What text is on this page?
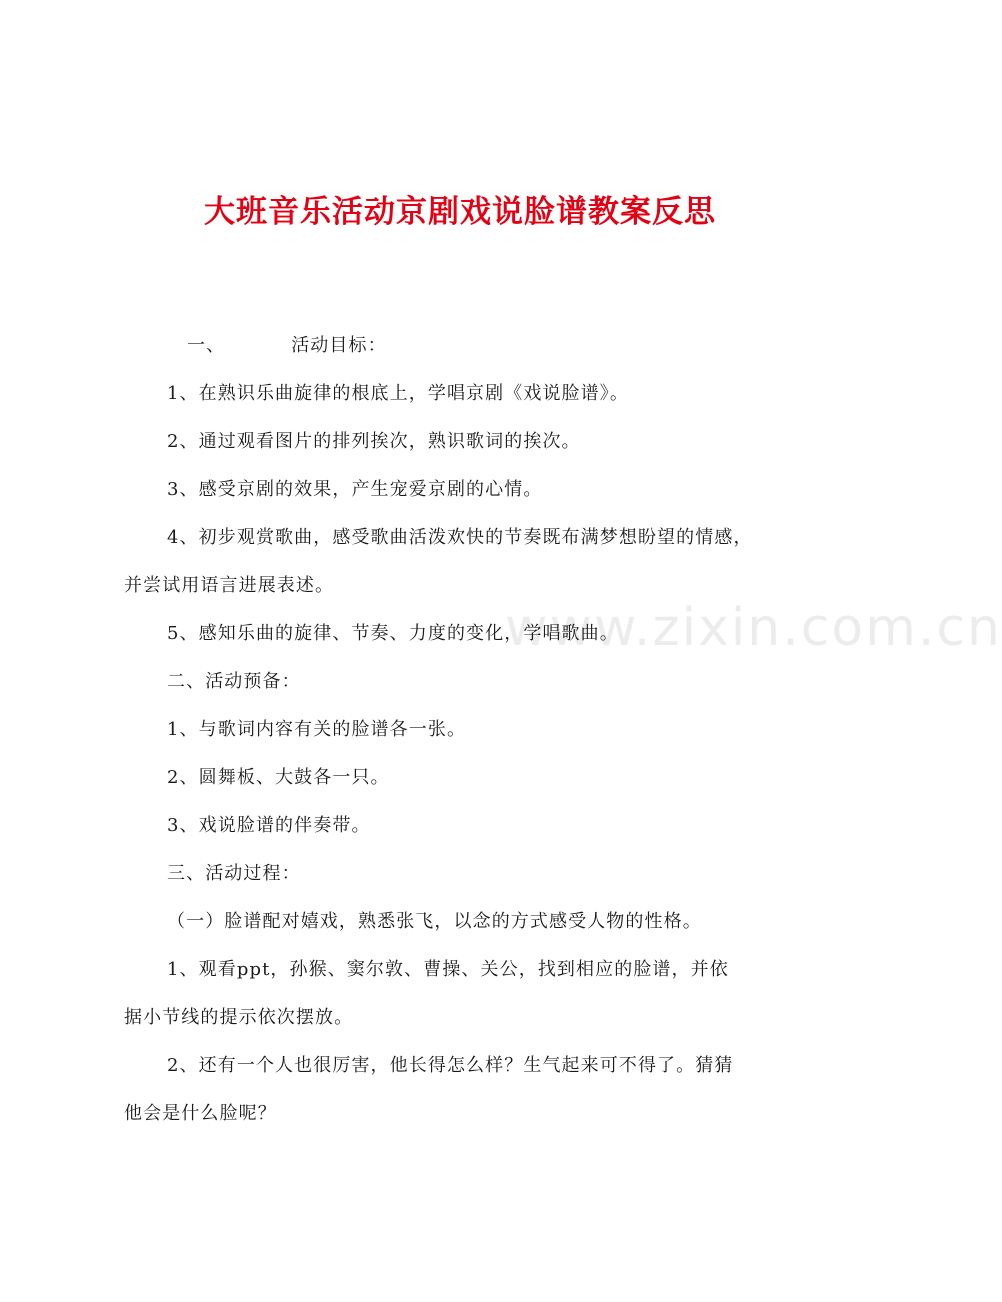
www.zixin.com.cn
大班音乐活动京剧戏说脸谱教案反思
一、	活动目标：
1、在熟识乐曲旋律的根底上，学唱京剧《戏说脸谱》。
2、通过观看图片的排列挨次，熟识歌词的挨次。
3、感受京剧的效果，产生宠爱京剧的心情。
4、初步观赏歌曲，感受歌曲活泼欢快的节奏既布满梦想盼望的情感，
并尝试用语言进展表述。
5、感知乐曲的旋律、节奏、力度的变化，学唱歌曲。
二、活动预备：
1、与歌词内容有关的脸谱各一张。
2、圆舞板、大鼓各一只。
3、戏说脸谱的伴奏带。
三、活动过程：
（一）脸谱配对嬉戏，熟悉张飞，以念的方式感受人物的性格。
1、观看ppt，孙猴、窦尔敦、曹操、关公，找到相应的脸谱，并依
据小节线的提示依次摆放。
2、还有一个人也很厉害，他长得怎么样？生气起来可不得了。猜猜
他会是什么脸呢？
